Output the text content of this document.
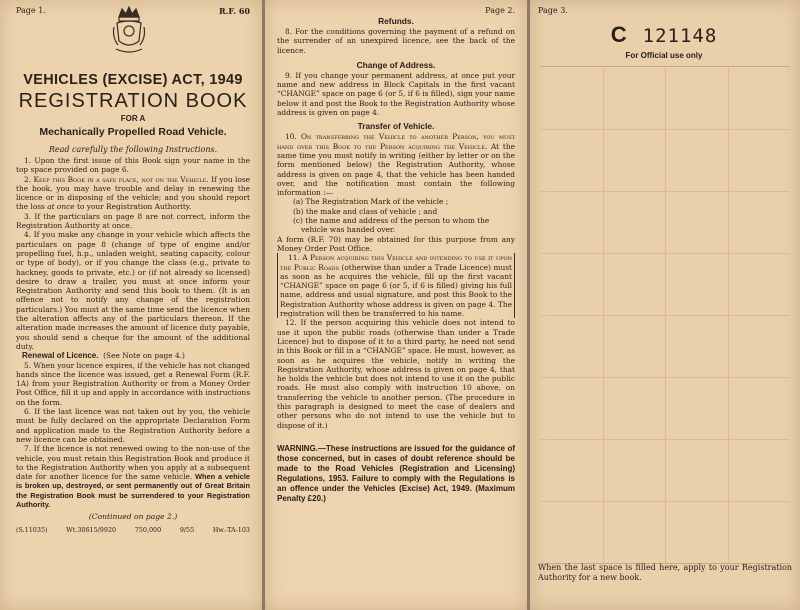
Page 1.	R.F. 60
VEHICLES (EXCISE) ACT, 1949
REGISTRATION BOOK
FOR A
Mechanically Propelled Road Vehicle.
Read carefully the following Instructions.

1. Upon the first issue of this Book sign your name in the top space provided on page 6.

2. Keep this Book in a safe place, not on the Vehicle. If you lose the book, you may have trouble and delay in renewing the licence or in disposing of the vehicle; and you should report the loss at once to your Registration Authority.

3. If the particulars on page 8 are not correct, inform the Registration Authority at once.

4. If you make any change in your vehicle which affects the particulars on page 8 (change of type of engine and/or propelling fuel, h.p., unladen weight, seating capacity, colour or type of body), or if you change the class (e.g., private to hackney, goods to private, etc.) or (if not already so licensed) desire to draw a trailer, you must at once inform your Registration Authority and send this book to them. (It is an offence not to notify any change of the registration particulars.) You must at the same time send the licence when the alteration affects any of the particulars thereon. If the alteration made increases the amount of licence duty payable, you should send a cheque for the amount of the additional duty.

Renewal of Licence. (See Note on page 4.)

5. When your licence expires, if the vehicle has not changed hands since the licence was issued, get a Renewal Form (R.F. 1A) from your Registration Authority or from a Money Order Post Office, fill it up and apply in accordance with instructions on the form.

6. If the last licence was not taken out by you, the vehicle must be fully declared on the appropriate Declaration Form and application made to the Registration Authority before a new licence can be obtained.

7. If the licence is not renewed owing to the non-use of the vehicle, you must retain this Registration Book and produce it to the Registration Authority when you apply at a subsequent date for another licence for the same vehicle. When a vehicle is broken up, destroyed, or sent permanently out of Great Britain the Registration Book must be surrendered to your Registration Authority.

(Continued on page 2.)
(S.11035)	Wt.30615/9920	750,000	9/55	Hw.-TA-103
Page 2.
Refunds.

8. For the conditions governing the payment of a refund on the surrender of an unexpired licence, see the back of the licence.

Change of Address.

9. If you change your permanent address, at once put your name and new address in Block Capitals in the first vacant “CHANGE” space on page 6 (or 5, if 6 is filled), sign your name below it and post the Book to the Registration Authority whose address is given on page 4.

Transfer of Vehicle.

10. On transferring the Vehicle to another Person, you must hand over this Book to the Person acquiring the Vehicle. At the same time you must notify in writing (either by letter or on the form mentioned below) the Registration Authority, whose address is given on page 4, that the vehicle has been handed over, and the notification must contain the following information :—

(a) The Registration Mark of the vehicle ;

(b) the make and class of vehicle ; and

(c) the name and address of the person to whom the vehicle was handed over.

A form (R.F. 70) may be obtained for this purpose from any Money Order Post Office.

11. A Person acquiring this Vehicle and intending to use it upon the Public Roads (otherwise than under a Trade Licence) must as soon as he acquires the vehicle, fill up the first vacant “CHANGE” space on page 6 (or 5, if 6 is filled) giving his full name, address and usual signature, and post this Book to the Registration Authority whose address is given on page 4. The registration will then be transferred to his name.

12. If the person acquiring this vehicle does not intend to use it upon the public roads (otherwise than under a Trade Licence) but to dispose of it to a third party, he need not send in this Book or fill in a “CHANGE” space. He must, however, as soon as he acquires the vehicle, notify in writing the Registration Authority, whose address is given on page 4, that he holds the vehicle but does not intend to use it on the public roads. He must also comply with instruction 10 above, on transferring the vehicle to another person. (The procedure in this paragraph is designed to meet the case of dealers and other persons who do not intend to use the vehicle but to dispose of it.)

WARNING.—These instructions are issued for the guidance of those concerned, but in cases of doubt reference should be made to the Road Vehicles (Registration and Licensing) Regulations, 1953. Failure to comply with the Regulations is an offence under the Vehicles (Excise) Act, 1949. (Maximum Penalty £20.)
Page 3.
C 121148
For Official use only
When the last space is filled here, apply to your Registration Authority for a new book.
